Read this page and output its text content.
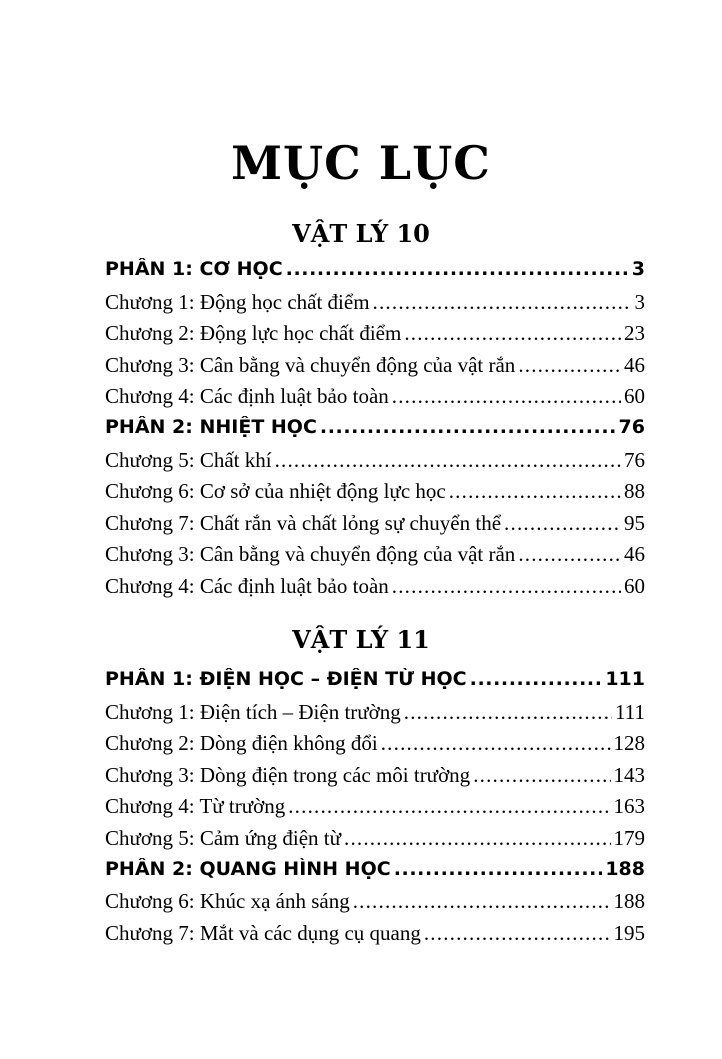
MỤC LỤC
VẬT LÝ 10
PHẦN 1: CƠ HỌC .....	3
Chương 1: Động học chất điểm .....	3
Chương 2: Động lực học chất điểm .....	23
Chương 3: Cân bằng và chuyển động của vật rắn .....	46
Chương 4: Các định luật bảo toàn .....	60
PHẦN 2: NHIỆT HỌC .....	76
Chương 5: Chất khí .....	76
Chương 6: Cơ sở của nhiệt động lực học .....	88
Chương 7: Chất rắn và chất lỏng sự chuyển thể .....	95
Chương 3: Cân bằng và chuyển động của vật rắn .....	46
Chương 4: Các định luật bảo toàn .....	60
VẬT LÝ 11
PHẦN 1: ĐIỆN HỌC – ĐIỆN TỪ HỌC .....	111
Chương 1: Điện tích – Điện trường .....	111
Chương 2: Dòng điện không đổi .....	128
Chương 3: Dòng điện trong các môi trường .....	143
Chương 4: Từ trường .....	163
Chương 5: Cảm ứng điện từ .....	179
PHẦN 2: QUANG HÌNH HỌC .....	188
Chương 6: Khúc xạ ánh sáng .....	188
Chương 7: Mắt và các dụng cụ quang .....	195
